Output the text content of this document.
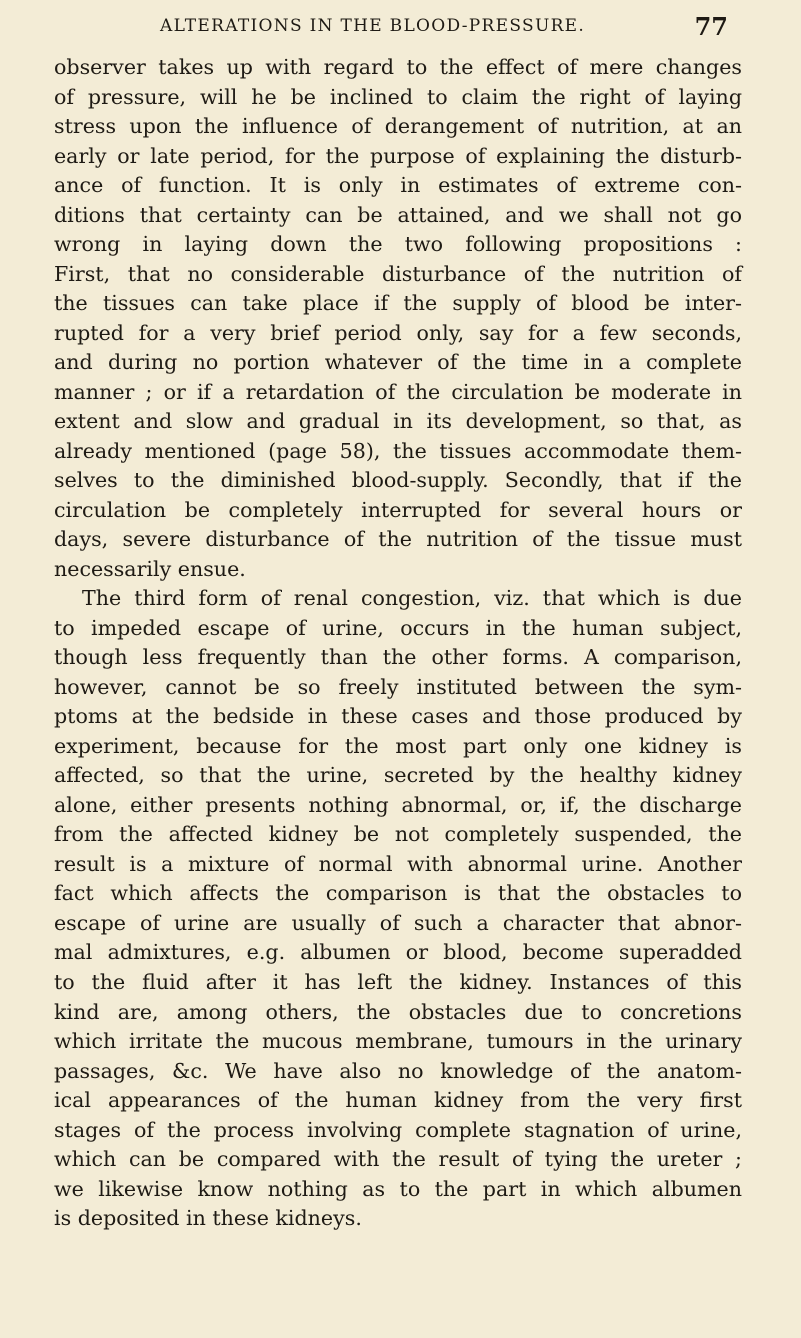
ALTERATIONS IN THE BLOOD-PRESSURE.	77
observer takes up with regard to the effect of mere changes
of pressure, will he be inclined to claim the right of laying
stress upon the influence of derangement of nutrition, at an
early or late period, for the purpose of explaining the disturb-
ance of function. It is only in estimates of extreme con-
ditions that certainty can be attained, and we shall not go
wrong in laying down the two following propositions :
First, that no considerable disturbance of the nutrition of
the tissues can take place if the supply of blood be inter-
rupted for a very brief period only, say for a few seconds,
and during no portion whatever of the time in a complete
manner ; or if a retardation of the circulation be moderate in
extent and slow and gradual in its development, so that, as
already mentioned (page 58), the tissues accommodate them-
selves to the diminished blood-supply. Secondly, that if the
circulation be completely interrupted for several hours or
days, severe disturbance of the nutrition of the tissue must
necessarily ensue.
The third form of renal congestion, viz. that which is due
to impeded escape of urine, occurs in the human subject,
though less frequently than the other forms. A comparison,
however, cannot be so freely instituted between the sym-
ptoms at the bedside in these cases and those produced by
experiment, because for the most part only one kidney is
affected, so that the urine, secreted by the healthy kidney
alone, either presents nothing abnormal, or, if, the discharge
from the affected kidney be not completely suspended, the
result is a mixture of normal with abnormal urine. Another
fact which affects the comparison is that the obstacles to
escape of urine are usually of such a character that abnor-
mal admixtures, e.g. albumen or blood, become superadded
to the fluid after it has left the kidney. Instances of this
kind are, among others, the obstacles due to concretions
which irritate the mucous membrane, tumours in the urinary
passages, &c. We have also no knowledge of the anatom-
ical appearances of the human kidney from the very first
stages of the process involving complete stagnation of urine,
which can be compared with the result of tying the ureter ;
we likewise know nothing as to the part in which albumen
is deposited in these kidneys.
